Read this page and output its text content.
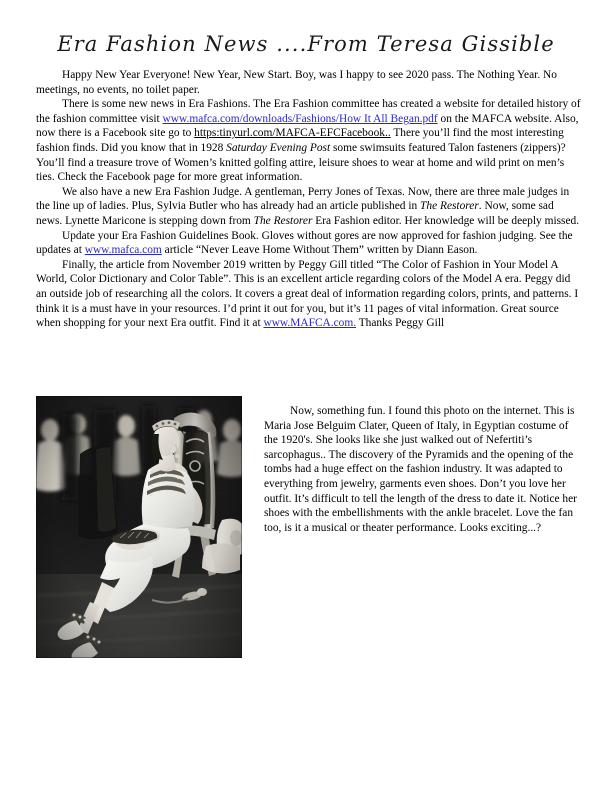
Era Fashion News ....From Teresa Gissible

Happy New Year Everyone! New Year, New Start. Boy, was I happy to see 2020 pass. The Nothing Year. No meetings, no events, no toilet paper.

There is some new news in Era Fashions. The Era Fashion committee has created a website for detailed history of the fashion committee visit www.mafca.com/downloads/Fashions/How It All Began.pdf on the MAFCA website. Also, now there is a Facebook site go to https:tinyurl.com/MAFCA-EFCFacebook.. There you’ll find the most interesting fashion finds. Did you know that in 1928 Saturday Evening Post some swimsuits featured Talon fasteners (zippers)? You’ll find a treasure trove of Women’s knitted golfing attire, leisure shoes to wear at home and wild print on men’s ties. Check the Facebook page for more great information.

We also have a new Era Fashion Judge. A gentleman, Perry Jones of Texas. Now, there are three male judges in the line up of ladies. Plus, Sylvia Butler who has already had an article published in The Restorer. Now, some sad news. Lynette Maricone is stepping down from The Restorer Era Fashion editor. Her knowledge will be deeply missed.

Update your Era Fashion Guidelines Book. Gloves without gores are now approved for fashion judging. See the updates at www.mafca.com article “Never Leave Home Without Them” written by Diann Eason.

Finally, the article from November 2019 written by Peggy Gill titled “The Color of Fashion in Your Model A World, Color Dictionary and Color Table”. This is an excellent article regarding colors of the Model A era. Peggy did an outside job of researching all the colors. It covers a great deal of information regarding colors, prints, and patterns. I think it is a must have in your resources. I’d print it out for you, but it’s 11 pages of vital information. Great source when shopping for your next Era outfit. Find it at www.MAFCA.com. Thanks Peggy Gill

Now, something fun. I found this photo on the internet. This is Maria Jose Belguim Clater, Queen of Italy, in Egyptian costume of the 1920's. She looks like she just walked out of Nefertiti’s sarcophagus.. The discovery of the Pyramids and the opening of the tombs had a huge effect on the fashion industry. It was adapted to everything from jewelry, garments even shoes. Don’t you love her outfit. It’s difficult to tell the length of the dress to date it. Notice her shoes with the embellishments with the ankle bracelet. Love the fan too, is it a musical or theater performance. Looks exciting...?
